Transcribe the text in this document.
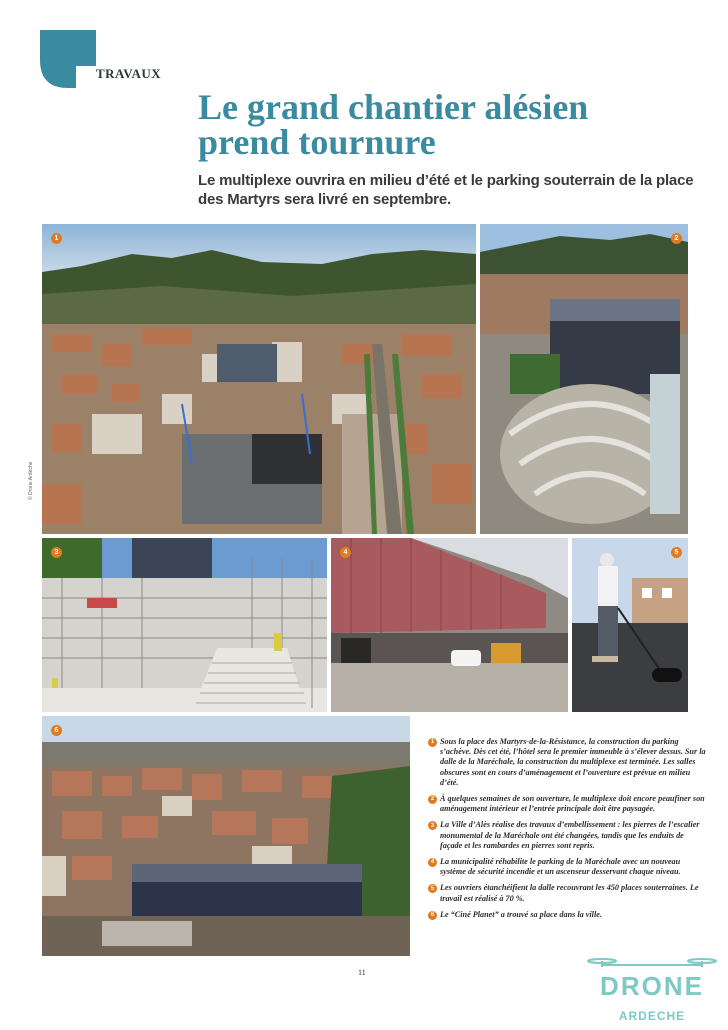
TRAVAUX
Le grand chantier alésien
prend tournure

Le multiplexe ouvrira en milieu d’été et le parking souterrain de la place des Martyrs sera livré en septembre.

© Drone Ardèche
1	2
3	4	5
6
1 Sous la place des Martyrs-de-la-Résistance, la construction du parking s’achève. Dès cet été, l’hôtel sera le premier immeuble à s’élever dessus. Sur la dalle de la Maréchale, la construction du multiplexe est terminée. Les salles obscures sont en cours d’aménagement et l’ouverture est prévue en milieu d’été.
2 À quelques semaines de son ouverture, le multiplexe doit encore peaufiner son aménagement intérieur et l’entrée principale doit être paysagée.
3 La Ville d’Alès réalise des travaux d’embellissement : les pierres de l’escalier monumental de la Maréchale ont été changées, tandis que les enduits de façade et les rambardes en pierres sont repris.
4 La municipalité réhabilite le parking de la Maréchale avec un nouveau système de sécurité incendie et un ascenseur desservant chaque niveau.
5 Les ouvriers étanchéifient la dalle recouvrant les 450 places souterraines. Le travail est réalisé à 70 %.
6 Le “Ciné Planet” a trouvé sa place dans la ville.
11	DRONE
ARDECHE
